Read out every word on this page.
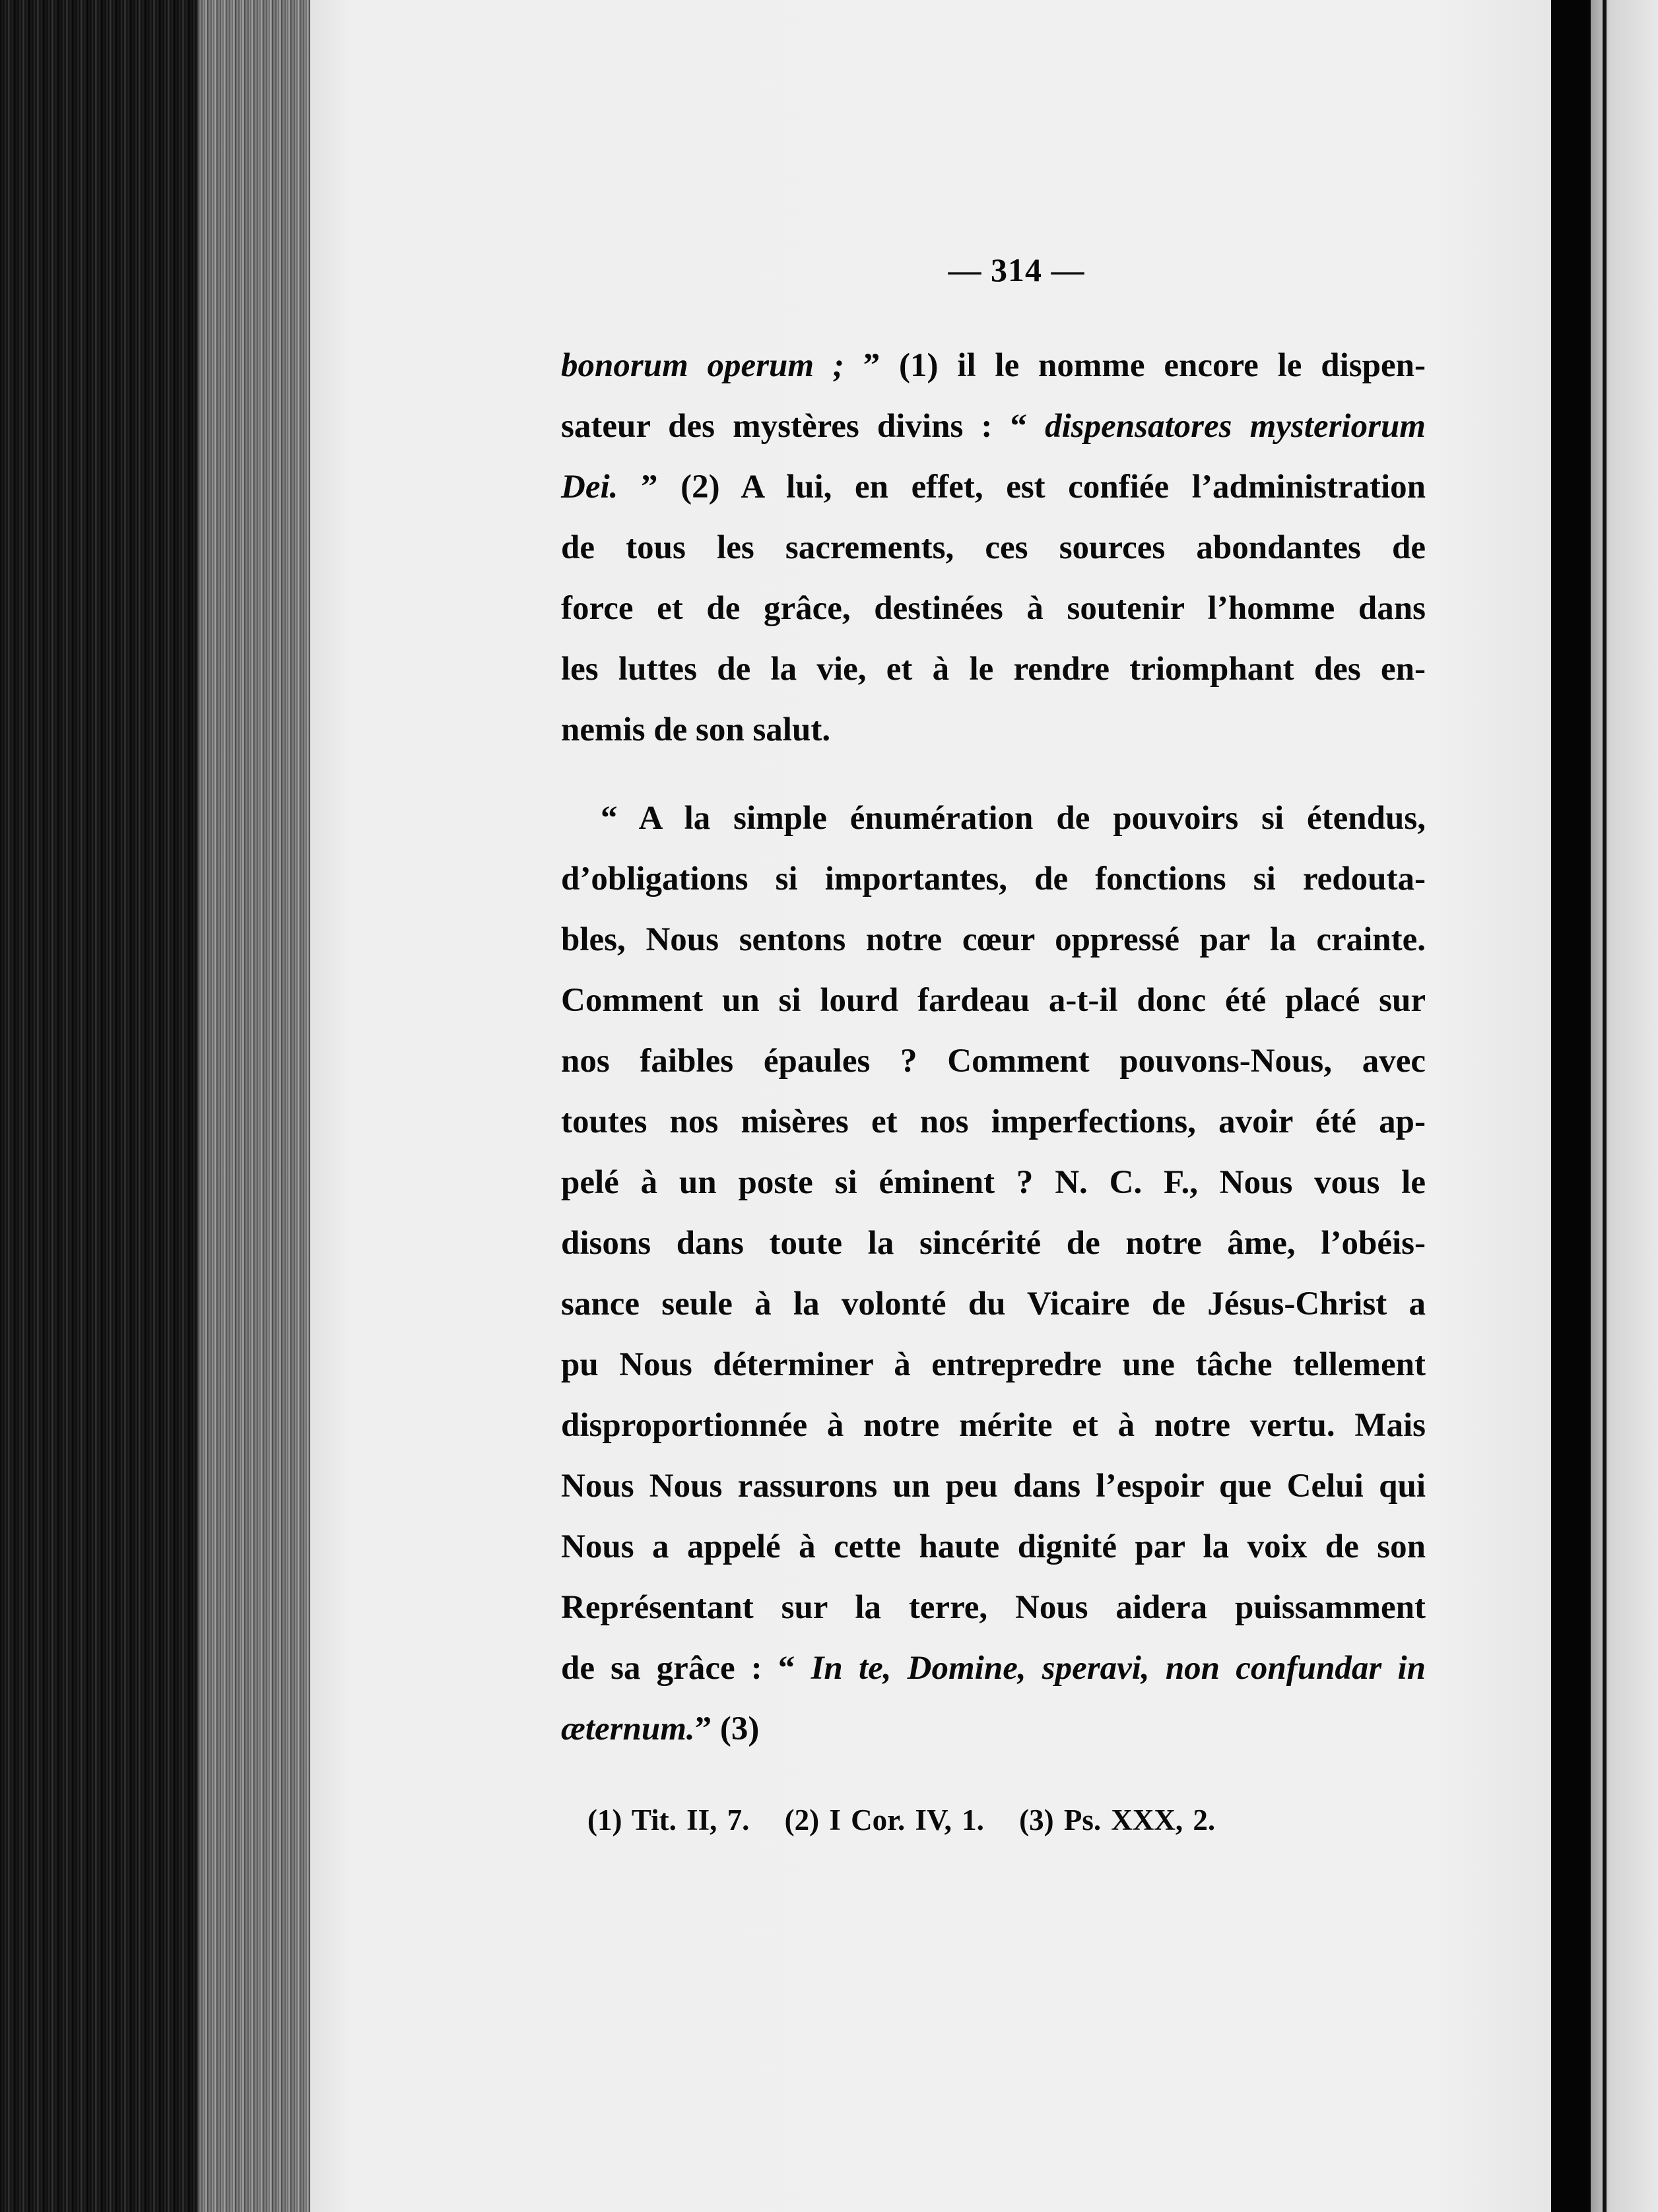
— 314 —
bonorum operum ; ” (1) il le nomme encore le dispen-
sateur des mystères divins : “ dispensatores mysteriorum
Dei. ” (2) A lui, en effet, est confiée l’administration
de tous les sacrements, ces sources abondantes de
force et de grâce, destinées à soutenir l’homme dans
les luttes de la vie, et à le rendre triomphant des en-
nemis de son salut.
“ A la simple énumération de pouvoirs si étendus,
d’obligations si importantes, de fonctions si redouta-
bles, Nous sentons notre cœur oppressé par la crainte.
Comment un si lourd fardeau a-t-il donc été placé sur
nos faibles épaules ? Comment pouvons-Nous, avec
toutes nos misères et nos imperfections, avoir été ap-
pelé à un poste si éminent ? N. C. F., Nous vous le
disons dans toute la sincérité de notre âme, l’obéis-
sance seule à la volonté du Vicaire de Jésus-Christ a
pu Nous déterminer à entrepredre une tâche tellement
disproportionnée à notre mérite et à notre vertu. Mais
Nous Nous rassurons un peu dans l’espoir que Celui qui
Nous a appelé à cette haute dignité par la voix de son
Représentant sur la terre, Nous aidera puissamment
de sa grâce : “ In te, Domine, speravi, non confundar in
æternum.” (3)
(1) Tit. II, 7. (2) I Cor. IV, 1. (3) Ps. XXX, 2.
